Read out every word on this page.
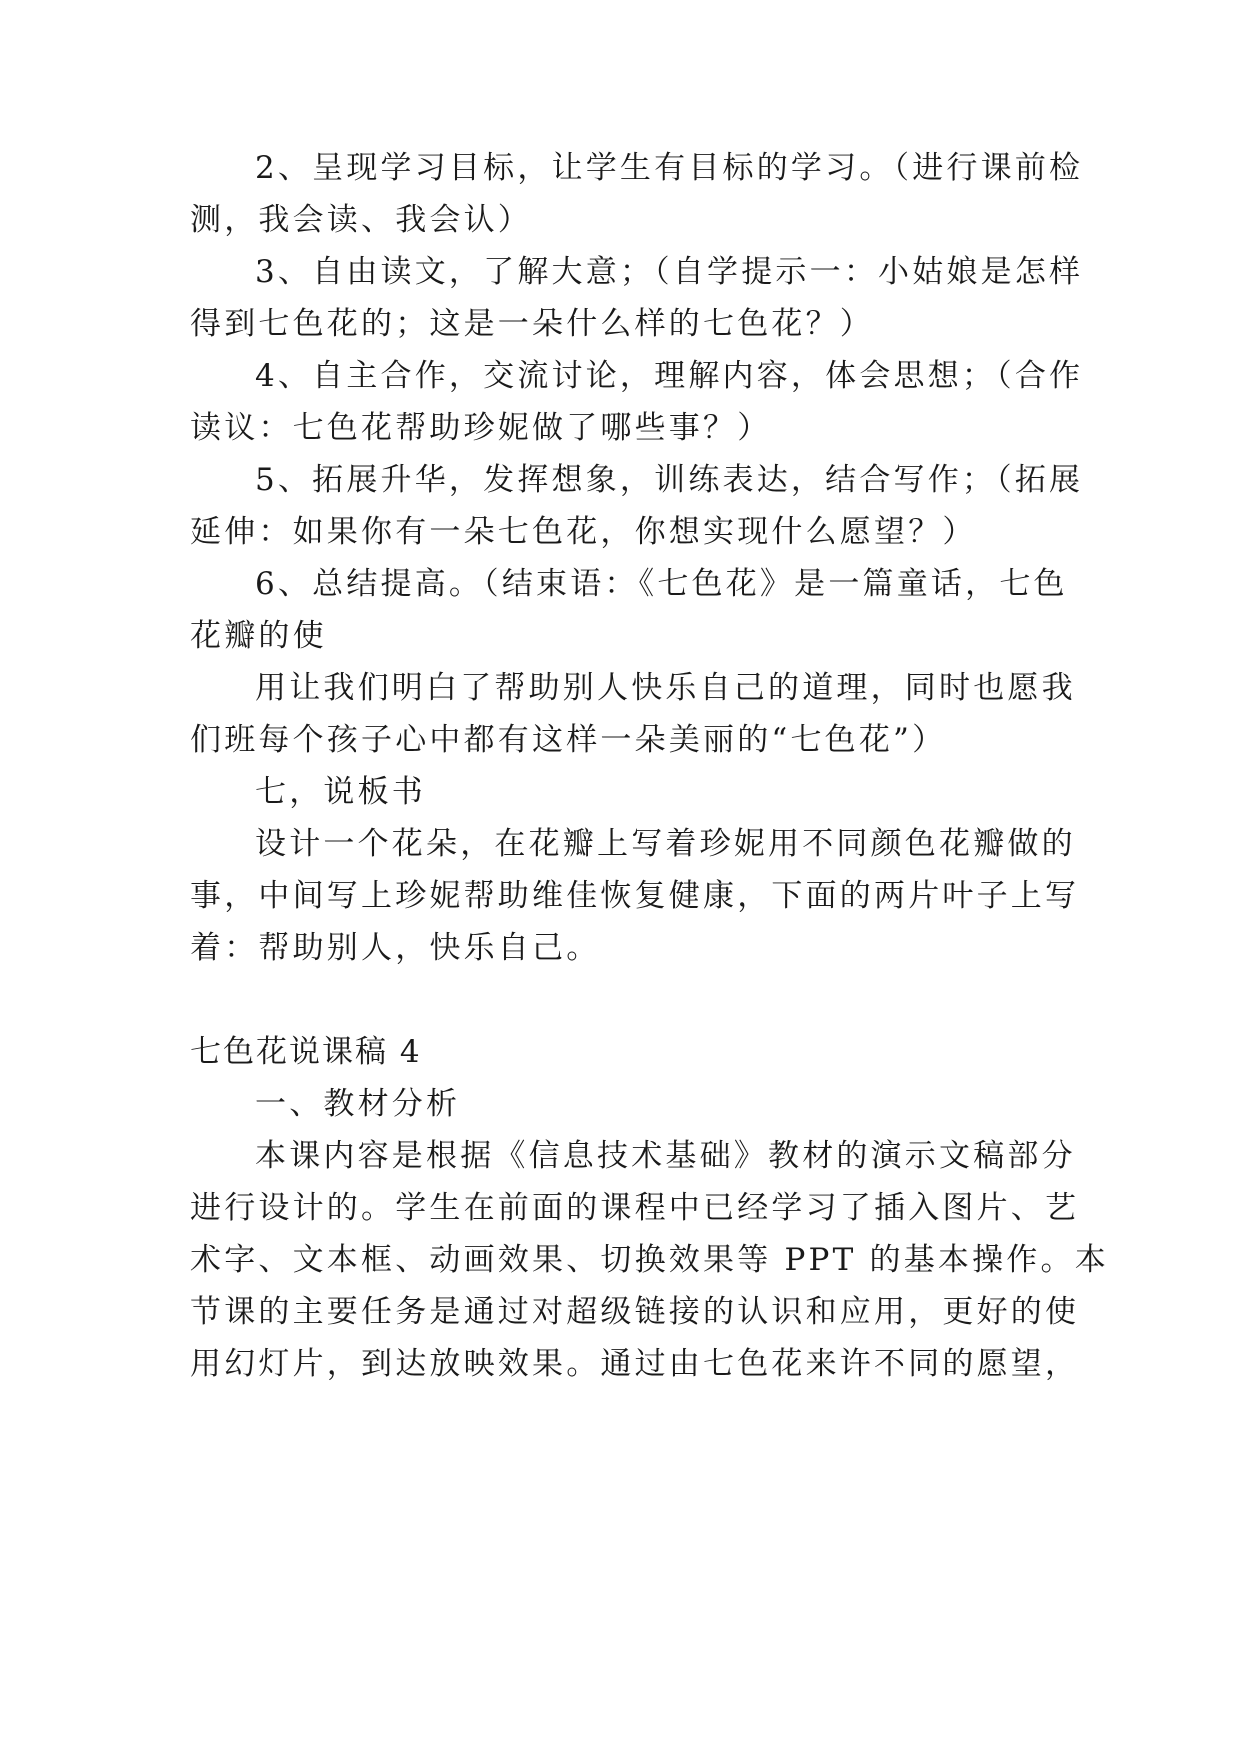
2、呈现学习目标，让学生有目标的学习。（进行课前检
测，我会读、我会认）
3、自由读文，了解大意；（自学提示一：小姑娘是怎样
得到七色花的；这是一朵什么样的七色花？）
4、自主合作，交流讨论，理解内容，体会思想；（合作
读议：七色花帮助珍妮做了哪些事？）
5、拓展升华，发挥想象，训练表达，结合写作；（拓展
延伸：如果你有一朵七色花，你想实现什么愿望？）
6、总结提高。（结束语：《七色花》是一篇童话，七色
花瓣的使
用让我们明白了帮助别人快乐自己的道理，同时也愿我
们班每个孩子心中都有这样一朵美丽的“七色花”）
七，说板书
设计一个花朵，在花瓣上写着珍妮用不同颜色花瓣做的
事，中间写上珍妮帮助维佳恢复健康，下面的两片叶子上写
着：帮助别人，快乐自己。
七色花说课稿 4
一、教材分析
本课内容是根据《信息技术基础》教材的演示文稿部分
进行设计的。学生在前面的课程中已经学习了插入图片、艺
术字、文本框、动画效果、切换效果等 PPT 的基本操作。本
节课的主要任务是通过对超级链接的认识和应用，更好的使
用幻灯片，到达放映效果。通过由七色花来许不同的愿望，
